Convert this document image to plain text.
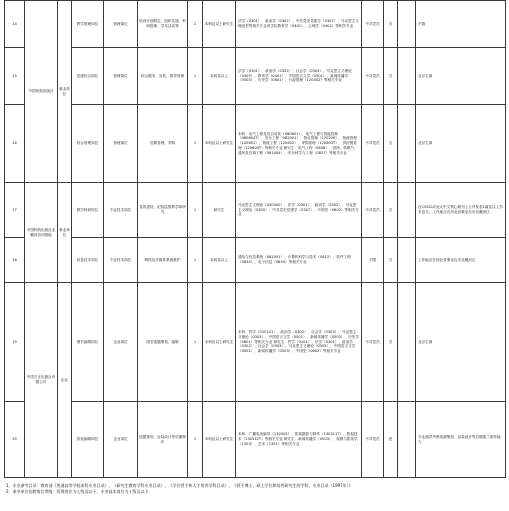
14	中国民航出版社	事业单位	教学管理岗位	管理岗位	培训计划制定、组织实施、科研管理、学术活动等	2	本科及以上研究生	法学（0301）、政治学（0302）、中共党史党建学（0307）、马克思主义理论类等相关专业或学位教育学（0401）、心理学（0402）等相关专业	中共党员	否		不限
15			党建综合岗位	管理岗位	综合服务、宣传、督导管理	1	本科及以上	法学（0301）、政治学（0302）、社会学（0303）、马克思主义理论（0305）、教育学（0401）、中国语言文学（0501）、新闻传播学（0503）、历史学（0601）、行政管理（120402）等相关专业	中共党员	否		北京生源
16			综合管理岗位	管理岗位	后勤管理、采购	1	本科及以上研究生	本科：电气工程及其自动化（080601）、电气工程与智能控制（080604T）、安全工程（082901）、物业管理（120209）、物流管理（120601）、物流工程（120602）、采购管理（120603T）、供应链管理（120604T）等相关专业 研究生：电气工程（0808）、供热、供燃气、通风及空调工程（081404）、安全科学与工程（0837）等相关专业	中共党员	否		北京生源
17	中国民航出版社北戴河培训基地	事业单位	教学科研岗位	专业技术岗位	党的建设、纪检监察教学和研究	1	研究生	马克思主义理论（030500）、法学（0301）、政治学（0302）、马克思主义理论（0305）、中共党史党建学（0307）、中国史（0602）等相关专业	中共党员	否		在CSSCI或北大中文核心期刊上公开发表1篇及以上学术论文。工作地点在河北省秦皇岛市北戴河区
18			信息技术岗位	专业技术岗位	网络及多媒体系统维护	1	本科及以上	通信与信息系统（081001）、计算机科学与技术（0812）、软件工程（0835）、电子信息（0854）等相关专业	不限	否		工作地点在河北省秦皇岛市北戴河区
19	中国方正出版社有限公司	企业	图书编辑岗位	企业岗位	图书选题策划、编辑	1	本科及以上研究生	本科：哲学（010101）、政治学（0302）、社会学（0303）、马克思主义理论（0305）、中国语言文学（0501）、新闻传播学（0503）、历史学（0601）等相关专业 研究生：哲学（0101）、法学（0301）、政治学（0302）、社会学（0303）、马克思主义理论（0305）、中国语言文学（0501）、新闻传播学（0503）、中国史（0602）等相关专业	中共党员	否		北京生源
20			影视编辑岗位	企业岗位	选题策划、包装设计等后期制作	1	本科及以上研究生	本科：广播电视编导（130305）、影视摄影与制作（130311T）、影视技术（130312T）等相关专业 研究生：新闻传播学（0503）、戏剧与影视学（1303）、艺术（1351）等相关专业	中共党员	是		专业测试考察视频策划、包装设计等后期加工制作能力
1、专业参考目录：教育部《普通高等学校本科专业目录》、《研究生教育学科专业目录》、《学位授予和人才培养学科目录》、《授予博士、硕士学位和培养研究生的学科、专业目录（1997年）》
2、事业单位招聘岗位等级：管理岗位为七级及以下，专业技术岗位为十级及以下
